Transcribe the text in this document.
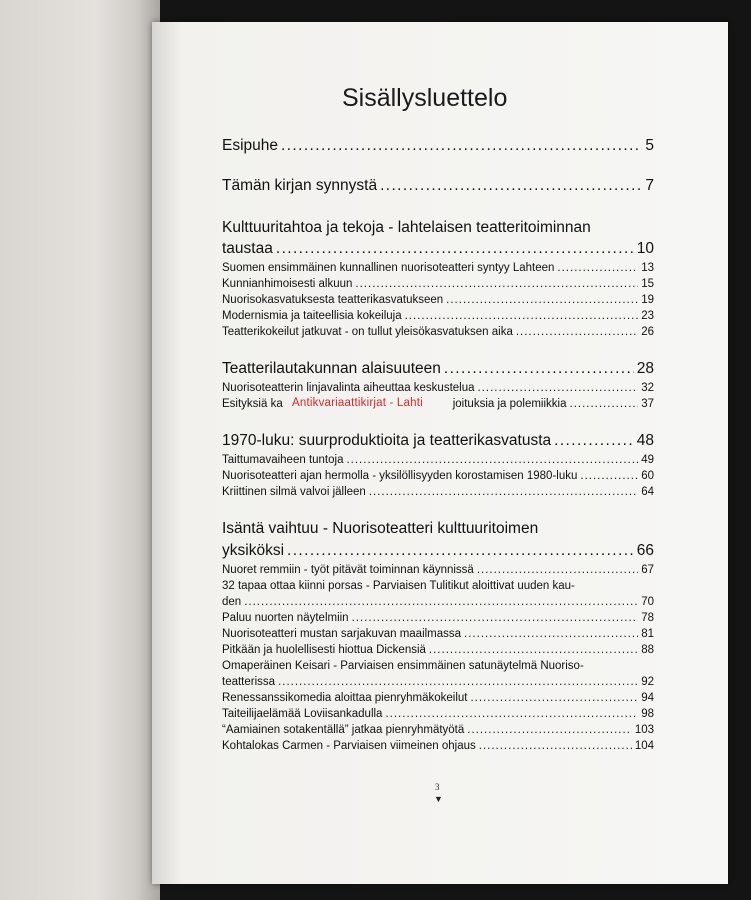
Sisällysluettelo
Esipuhe .....	5
Tämän kirjan synnystä .....	7
Kulttuuritahtoa ja tekoja - lahtelaisen teatteritoiminnan
taustaa .....	10
Suomen ensimmäinen kunnallinen nuorisoteatteri syntyy Lahteen .....	13
Kunnianhimoisesti alkuun .....	15
Nuorisokasvatuksesta teatterikasvatukseen .....	19
Modernismia ja taiteellisia kokeiluja .....	23
Teatterikokeilut jatkuvat - on tullut yleisökasvatuksen aika .....	26
Teatterilautakunnan alaisuuteen .....	28
Nuorisoteatterin linjavalinta aiheuttaa keskustelua .....	32
Esityksiä ka	joituksia ja polemiikkia .....	37
1970-luku: suurproduktioita ja teatterikasvatusta .....	48
Taittumavaiheen tuntoja .....	49
Nuorisoteatteri ajan hermolla - yksilöllisyyden korostamisen 1980-luku .....	60
Kriittinen silmä valvoi jälleen .....	64
Isäntä vaihtuu - Nuorisoteatteri kulttuuritoimen
yksiköksi .....	66
Nuoret remmiin - työt pitävät toiminnan käynnissä .....	67
32 tapaa ottaa kiinni porsas - Parviaisen Tulitikut aloittivat uuden kau-
den .....	70
Paluu nuorten näytelmiin .....	78
Nuorisoteatteri mustan sarjakuvan maailmassa .....	81
Pitkään ja huolellisesti hiottua Dickensiä .....	88
Omaperäinen Keisari - Parviaisen ensimmäinen satunäytelmä Nuoriso-
teatterissa .....	92
Renessanssikomedia aloittaa pienryhmäkokeilut .....	94
Taiteilijaelämää Loviisankadulla .....	98
“Aamiainen sotakentällä” jatkaa pienryhmätyötä .....	103
Kohtalokas Carmen - Parviaisen viimeinen ohjaus .....	104
Antikvariaattikirjat - Lahti
3
▼
